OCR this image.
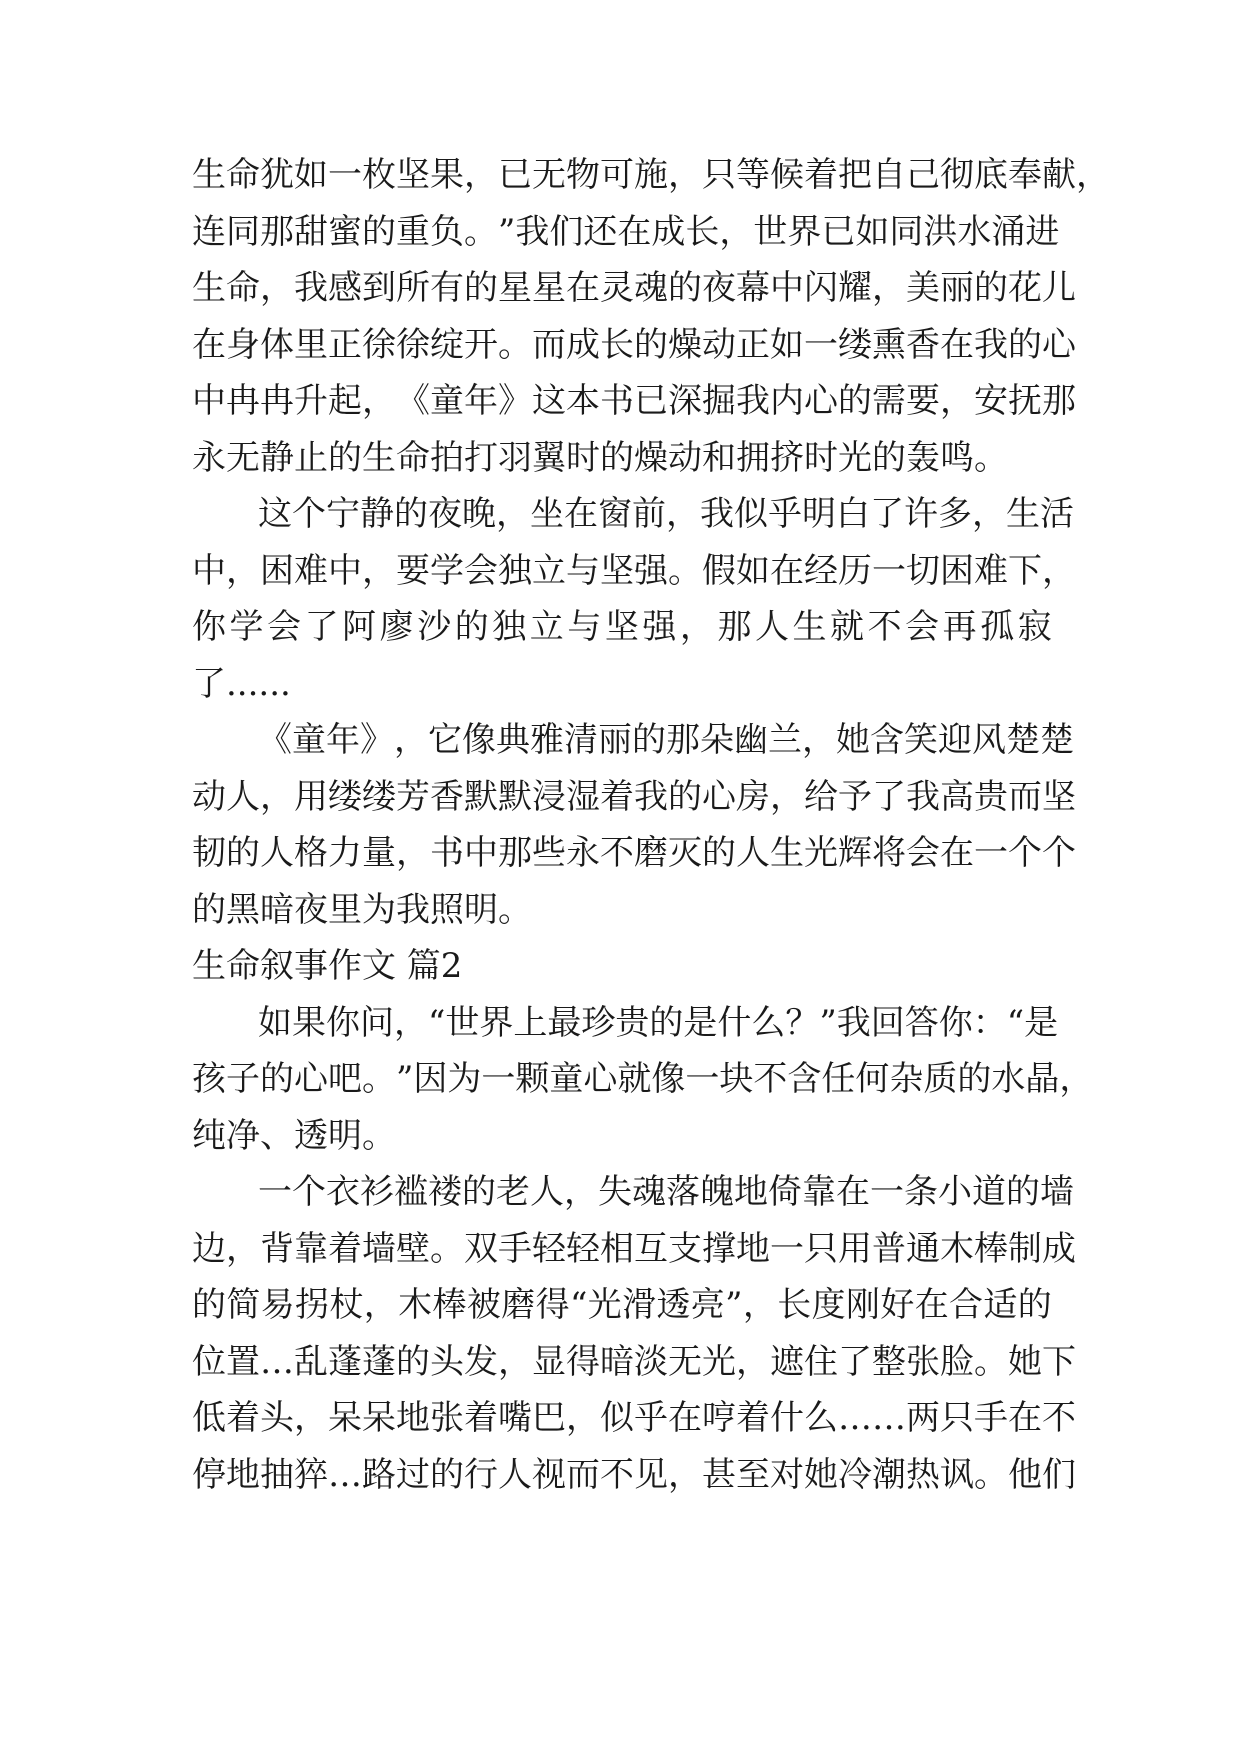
生 命 犹 如 一 枚 坚 果 ， 已 无 物 可 施 ， 只 等 候 着 把 自 己 彻 底 奉 献 ，
连 同 那 甜 蜜 的 重 负 。 ” 我 们 还 在 成 长 ， 世 界 已 如 同 洪 水 涌 进
生 命 ， 我 感 到 所 有 的 星 星 在 灵 魂 的 夜 幕 中 闪 耀 ， 美 丽 的 花 儿
在 身 体 里 正 徐 徐 绽 开 。 而 成 长 的 燥 动 正 如 一 缕 熏 香 在 我 的 心
中 冉 冉 升 起 ， 《 童 年 》 这 本 书 已 深 掘 我 内 心 的 需 要 ， 安 抚 那
永无静止的生命拍打羽翼时的燥动和拥挤时光的轰鸣。
这 个 宁 静 的 夜 晚 ， 坐 在 窗 前 ， 我 似 乎 明 白 了 许 多 ， 生 活
中 ， 困 难 中 ， 要 学 会 独 立 与 坚 强 。 假 如 在 经 历 一 切 困 难 下 ，
你 学 会 了 阿 廖 沙 的 独 立 与 坚 强 ， 那 人 生 就 不 会 再 孤 寂
了......
《 童 年 》 ， 它 像 典 雅 清 丽 的 那 朵 幽 兰 ， 她 含 笑 迎 风 楚 楚
动 人 ， 用 缕 缕 芳 香 默 默 浸 湿 着 我 的 心 房 ， 给 予 了 我 高 贵 而 坚
韧 的 人 格 力 量 ， 书 中 那 些 永 不 磨 灭 的 人 生 光 辉 将 会 在 一 个 个
的黑暗夜里为我照明。
生命叙事作文 篇2
如 果 你 问 ， “ 世 界 上 最 珍 贵 的 是 什 么 ？ ” 我 回 答 你 ： “ 是
孩 子 的 心 吧 。 ” 因 为 一 颗 童 心 就 像 一 块 不 含 任 何 杂 质 的 水 晶 ，
纯净、透明。
一 个 衣 衫 褴 褛 的 老 人 ， 失 魂 落 魄 地 倚 靠 在 一 条 小 道 的 墙
边 ， 背 靠 着 墙 壁 。 双 手 轻 轻 相 互 支 撑 地 一 只 用 普 通 木 棒 制 成
的 简 易 拐 杖 ， 木 棒 被 磨 得 “ 光 滑 透 亮 ” ， 长 度 刚 好 在 合 适 的
位 置 … 乱 蓬 蓬 的 头 发 ， 显 得 暗 淡 无 光 ， 遮 住 了 整 张 脸 。 她 下
低 着 头 ， 呆 呆 地 张 着 嘴 巴 ， 似 乎 在 哼 着 什 么 … … 两 只 手 在 不
停 地 抽 猝 … 路 过 的 行 人 视 而 不 见 ， 甚 至 对 她 冷 潮 热 讽 。 他 们
